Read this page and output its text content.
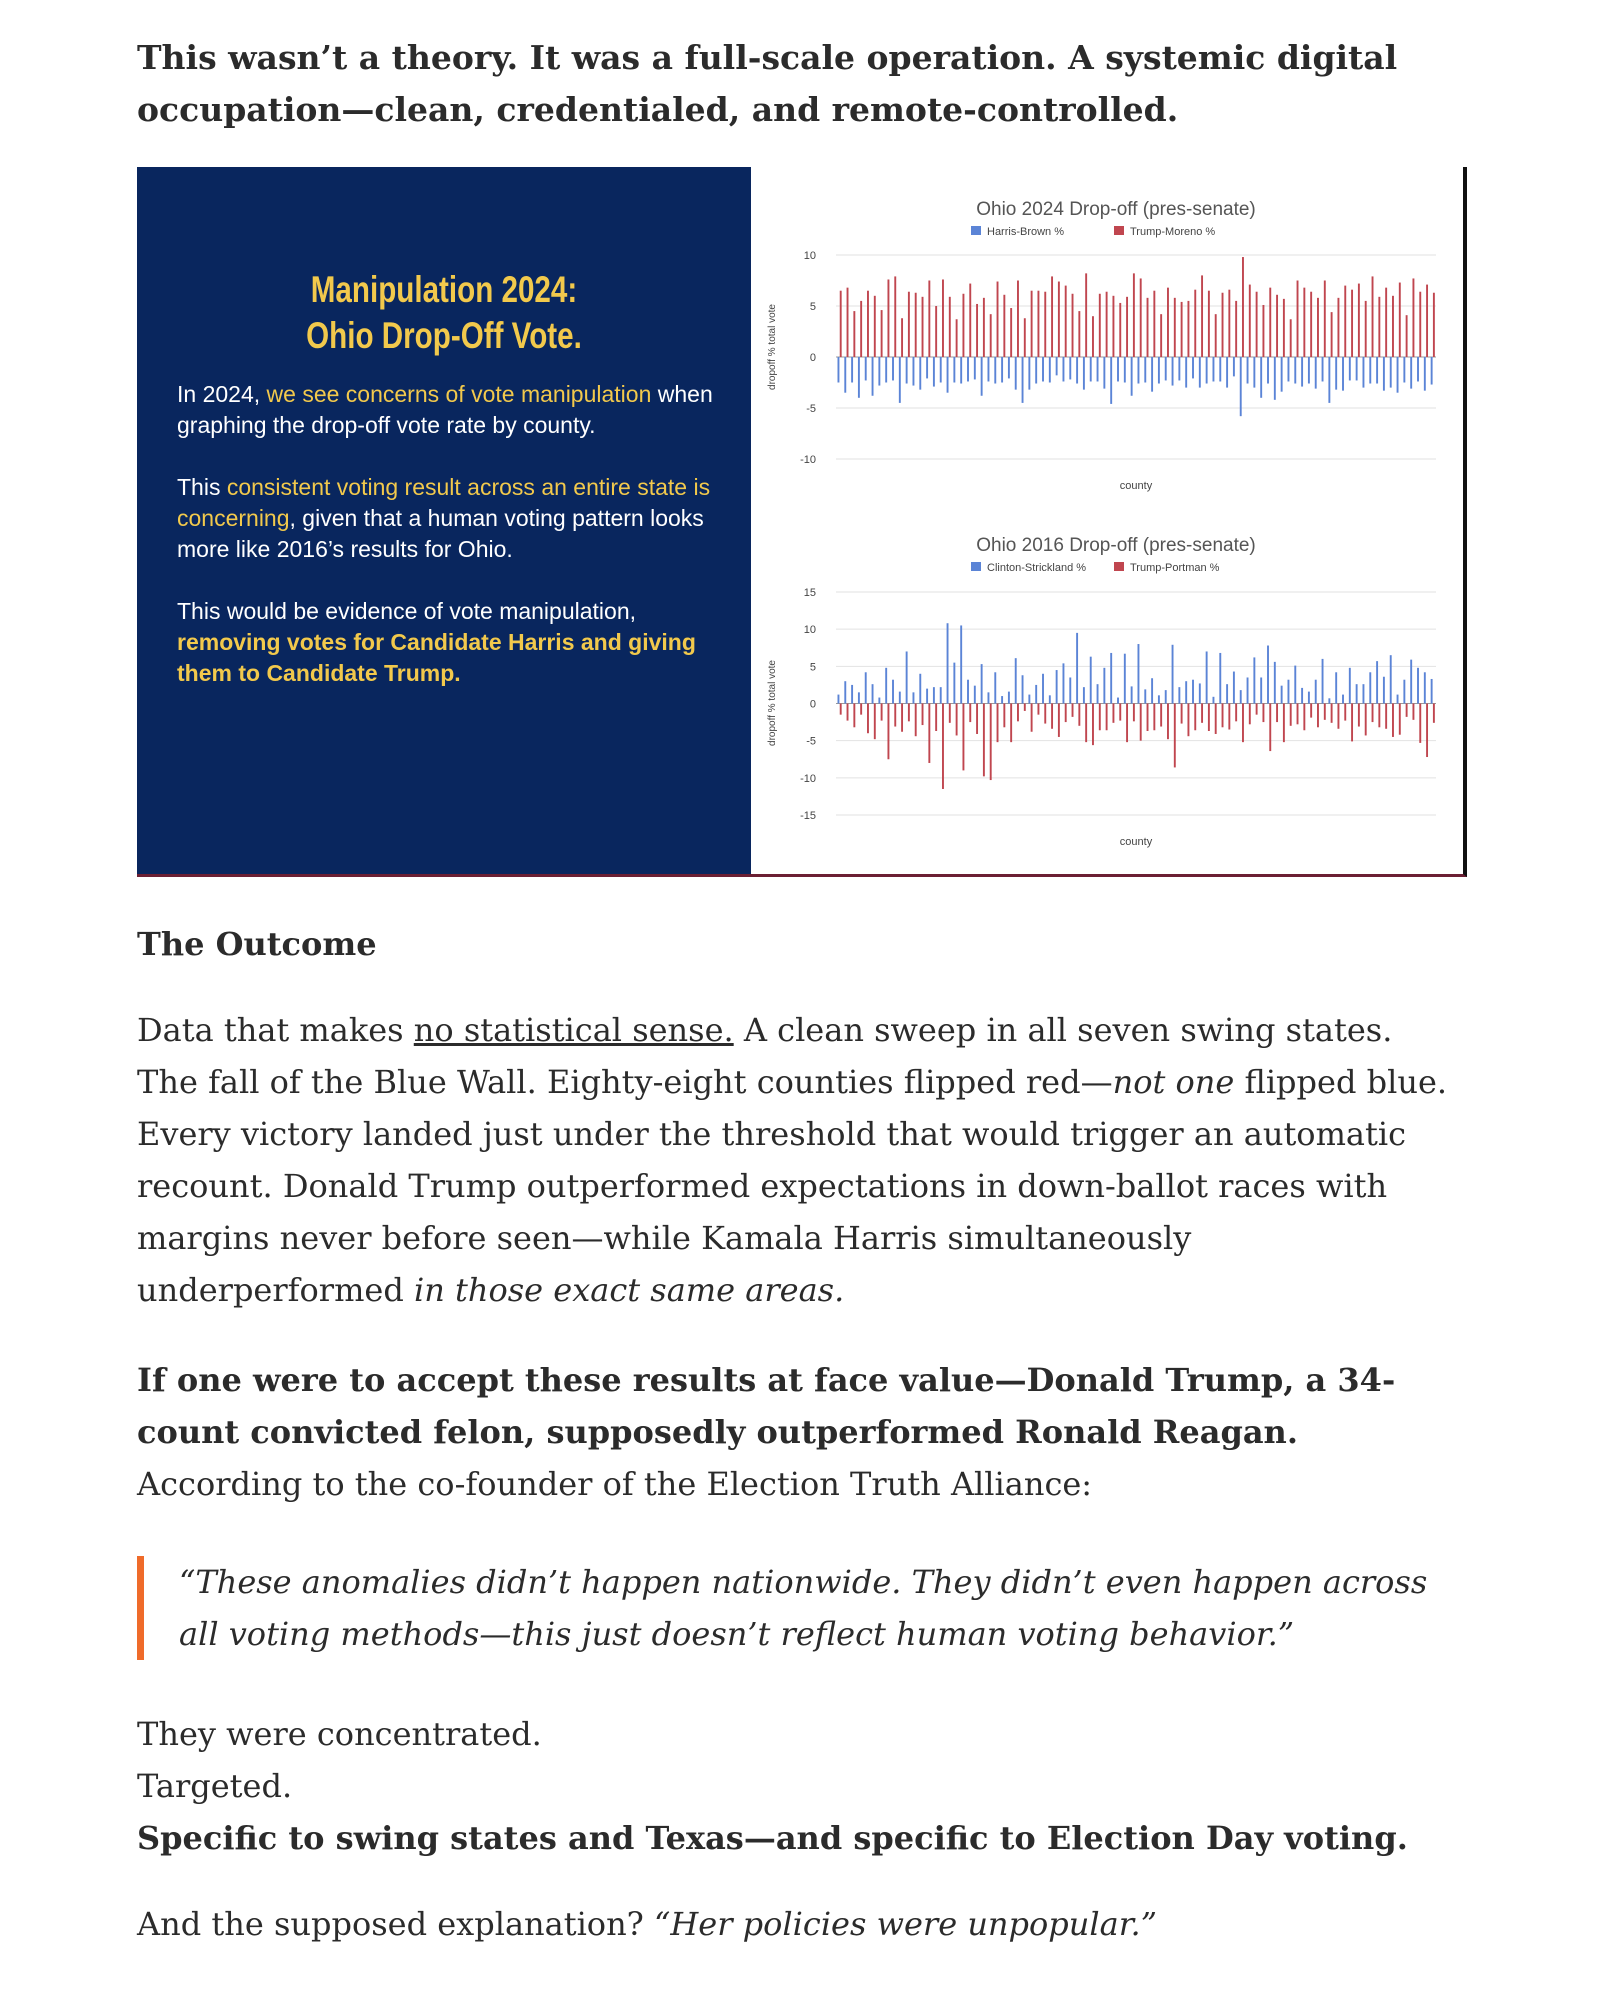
This wasn’t a theory. It was a full-scale operation. A systemic digital occupation—clean, credentialed, and remote-controlled.

Manipulation 2024:
Ohio Drop-Off Vote.
In 2024, we see concerns of vote manipulation when graphing the drop-off vote rate by county.
This consistent voting result across an entire state is concerning, given that a human voting pattern looks more like 2016’s results for Ohio.
This would be evidence of vote manipulation, removing votes for Candidate Harris and giving them to Candidate Trump.
Ohio 2024 Drop-off (pres-senate)
Harris-Brown %	Trump-Moreno %
10
5
0
-5
-10
dropoff % total vote
county
Ohio 2016 Drop-off (pres-senate)
Clinton-Strickland %	Trump-Portman %
15
10
5
0
-5
-10
-15
dropoff % total vote
county

The Outcome

Data that makes no statistical sense. A clean sweep in all seven swing states.
The fall of the Blue Wall. Eighty-eight counties flipped red—not one flipped blue. Every victory landed just under the threshold that would trigger an automatic recount. Donald Trump outperformed expectations in down-ballot races with margins never before seen—while Kamala Harris simultaneously underperformed in those exact same areas.

If one were to accept these results at face value—Donald Trump, a 34-count convicted felon, supposedly outperformed Ronald Reagan. According to the co-founder of the Election Truth Alliance:

“These anomalies didn’t happen nationwide. They didn’t even happen across all voting methods—this just doesn’t reflect human voting behavior.”

They were concentrated.
Targeted.
Specific to swing states and Texas—and specific to Election Day voting.

And the supposed explanation? “Her policies were unpopular.”
